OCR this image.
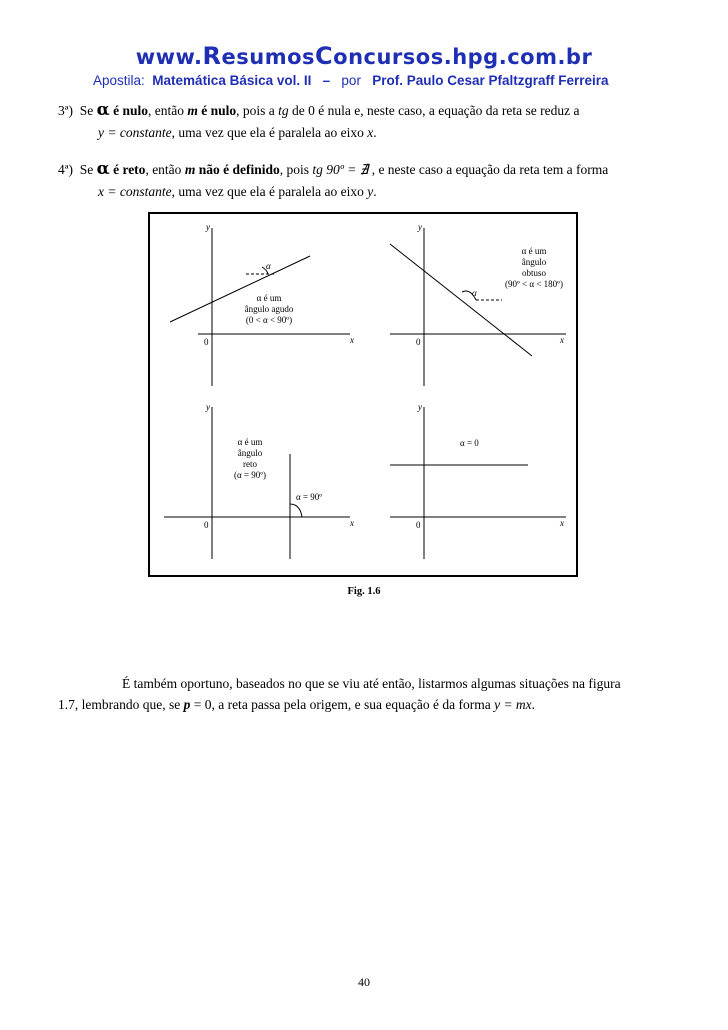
www.ResumosConcursos.hpg.com.br
Apostila: Matemática Básica vol. II – por Prof. Paulo Cesar Pfaltzgraff Ferreira
3ª) Se α é nulo, então m é nulo, pois a tg de 0 é nula e, neste caso, a equação da reta se reduz a
y = constante, uma vez que ela é paralela ao eixo x.
4ª) Se α é reto, então m não é definido, pois tg 90º = ∄ , e neste caso a equação da reta tem a forma
x = constante, uma vez que ela é paralela ao eixo y.
y
x
0
α
α é um
ângulo agudo
(0 < α < 90º)
y
x
0
α
α é um
ângulo
obtuso
(90º < α < 180º)
y
x
0
α = 90º
α é um
ângulo
reto
(α = 90º)
y
x
0
α = 0
Fig. 1.6
É também oportuno, baseados no que se viu até então, listarmos algumas situações na figura
1.7, lembrando que, se p = 0, a reta passa pela origem, e sua equação é da forma y = mx.
40
